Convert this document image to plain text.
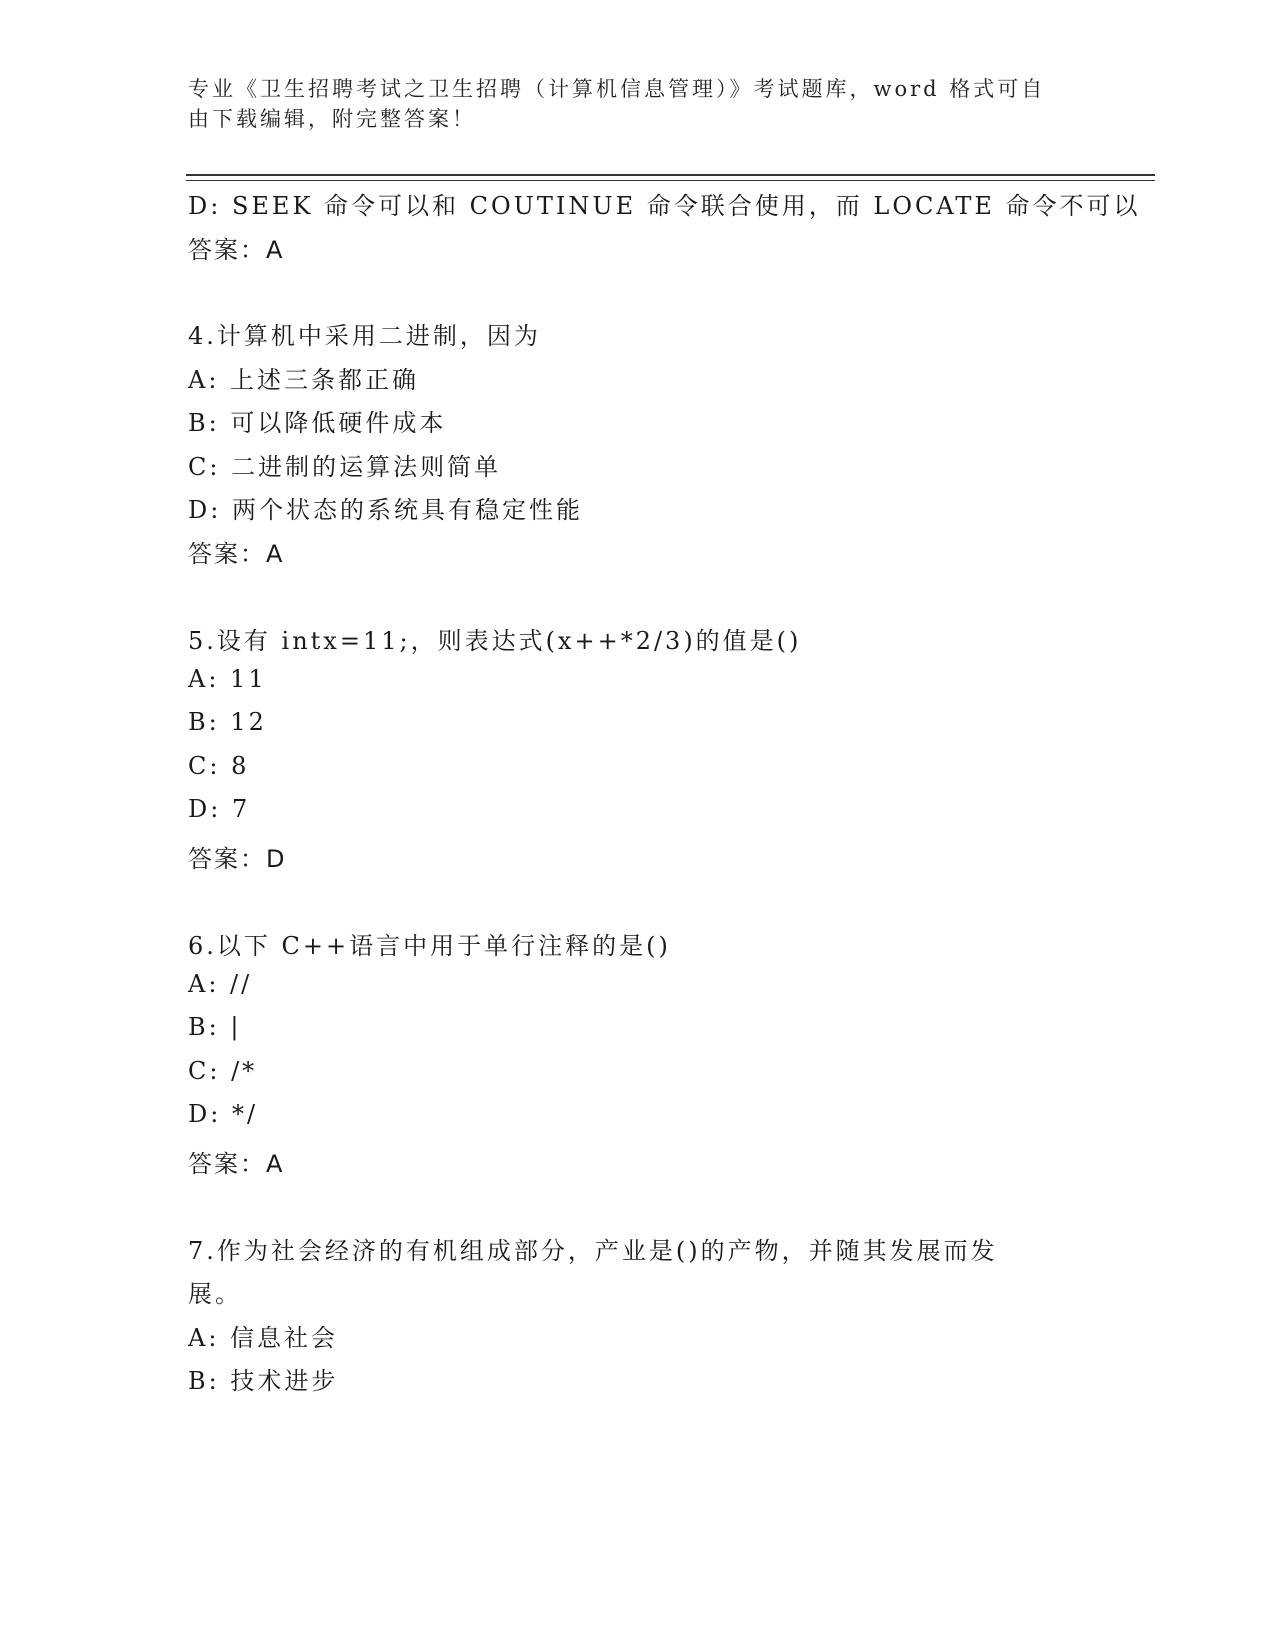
专业《卫生招聘考试之卫生招聘（计算机信息管理）》考试题库，word 格式可自
由下载编辑，附完整答案！
D: SEEK 命令可以和 COUTINUE 命令联合使用，而 LOCATE 命令不可以
答案：A
4.计算机中采用二进制，因为
A: 上述三条都正确
B: 可以降低硬件成本
C: 二进制的运算法则简单
D: 两个状态的系统具有稳定性能
答案：A
5.设有 intx=11;，则表达式(x++*2/3)的值是()
A: 11
B: 12
C: 8
D: 7
答案：D
6.以下 C++语言中用于单行注释的是()
A: //
B: |
C: /*
D: */
答案：A
7.作为社会经济的有机组成部分，产业是()的产物，并随其发展而发
展。
A: 信息社会
B: 技术进步
